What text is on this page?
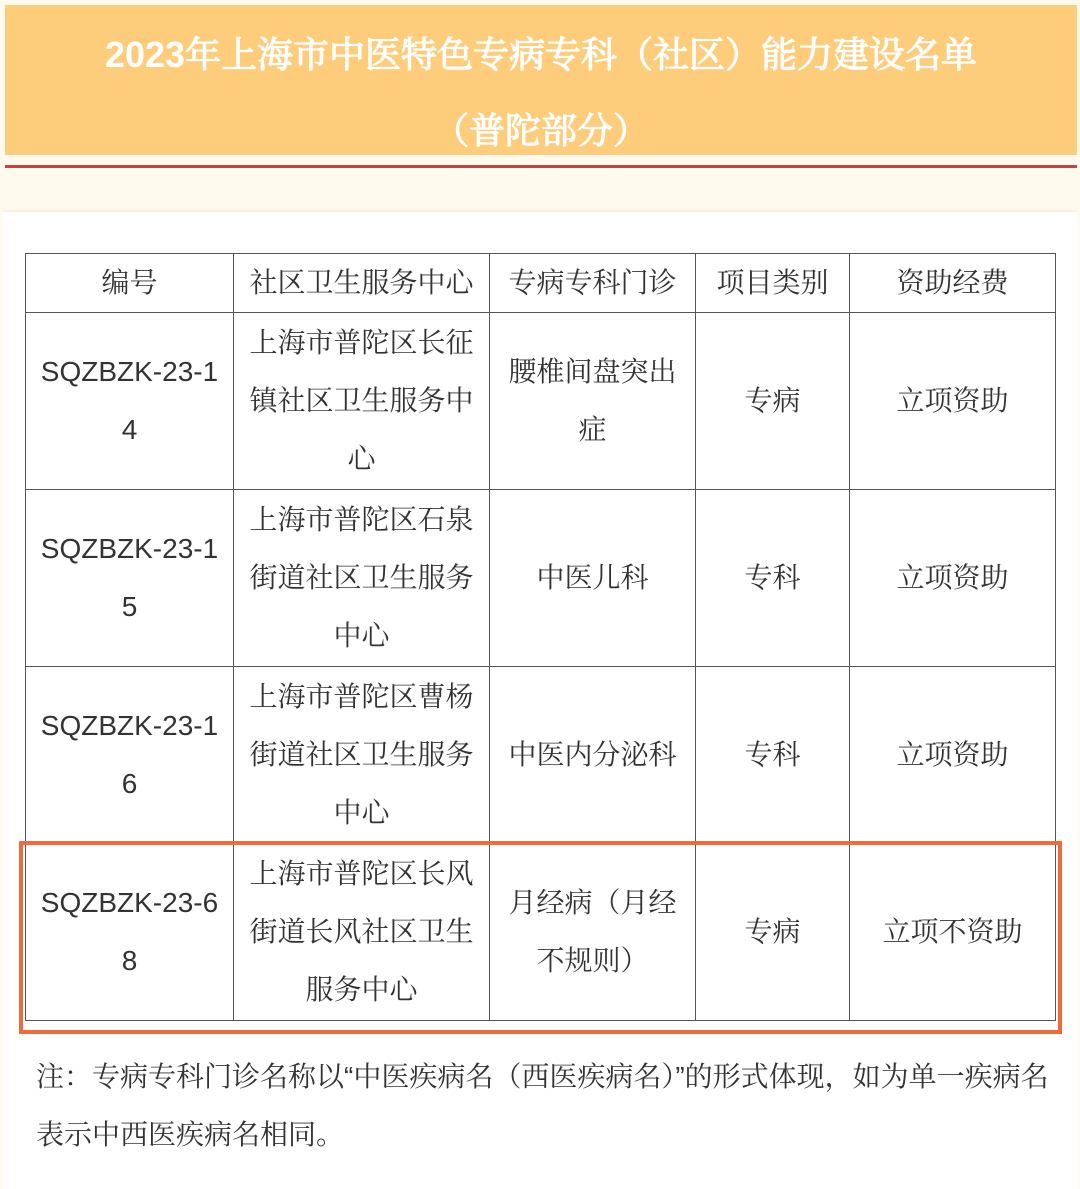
2023年上海市中医特色专病专科（社区）能力建设名单
（普陀部分）
编号	社区卫生服务中心	专病专科门诊	项目类别	资助经费
SQZBZK-23-14	上海市普陀区长征镇社区卫生服务中心	腰椎间盘突出症	专病	立项资助
SQZBZK-23-15	上海市普陀区石泉街道社区卫生服务中心	中医儿科	专科	立项资助
SQZBZK-23-16	上海市普陀区曹杨街道社区卫生服务中心	中医内分泌科	专科	立项资助
SQZBZK-23-68	上海市普陀区长风街道长风社区卫生服务中心	月经病（月经不规则）	专病	立项不资助
注：专病专科门诊名称以“中医疾病名（西医疾病名）”的形式体现，如为单一疾病名表示中西医疾病名相同。
